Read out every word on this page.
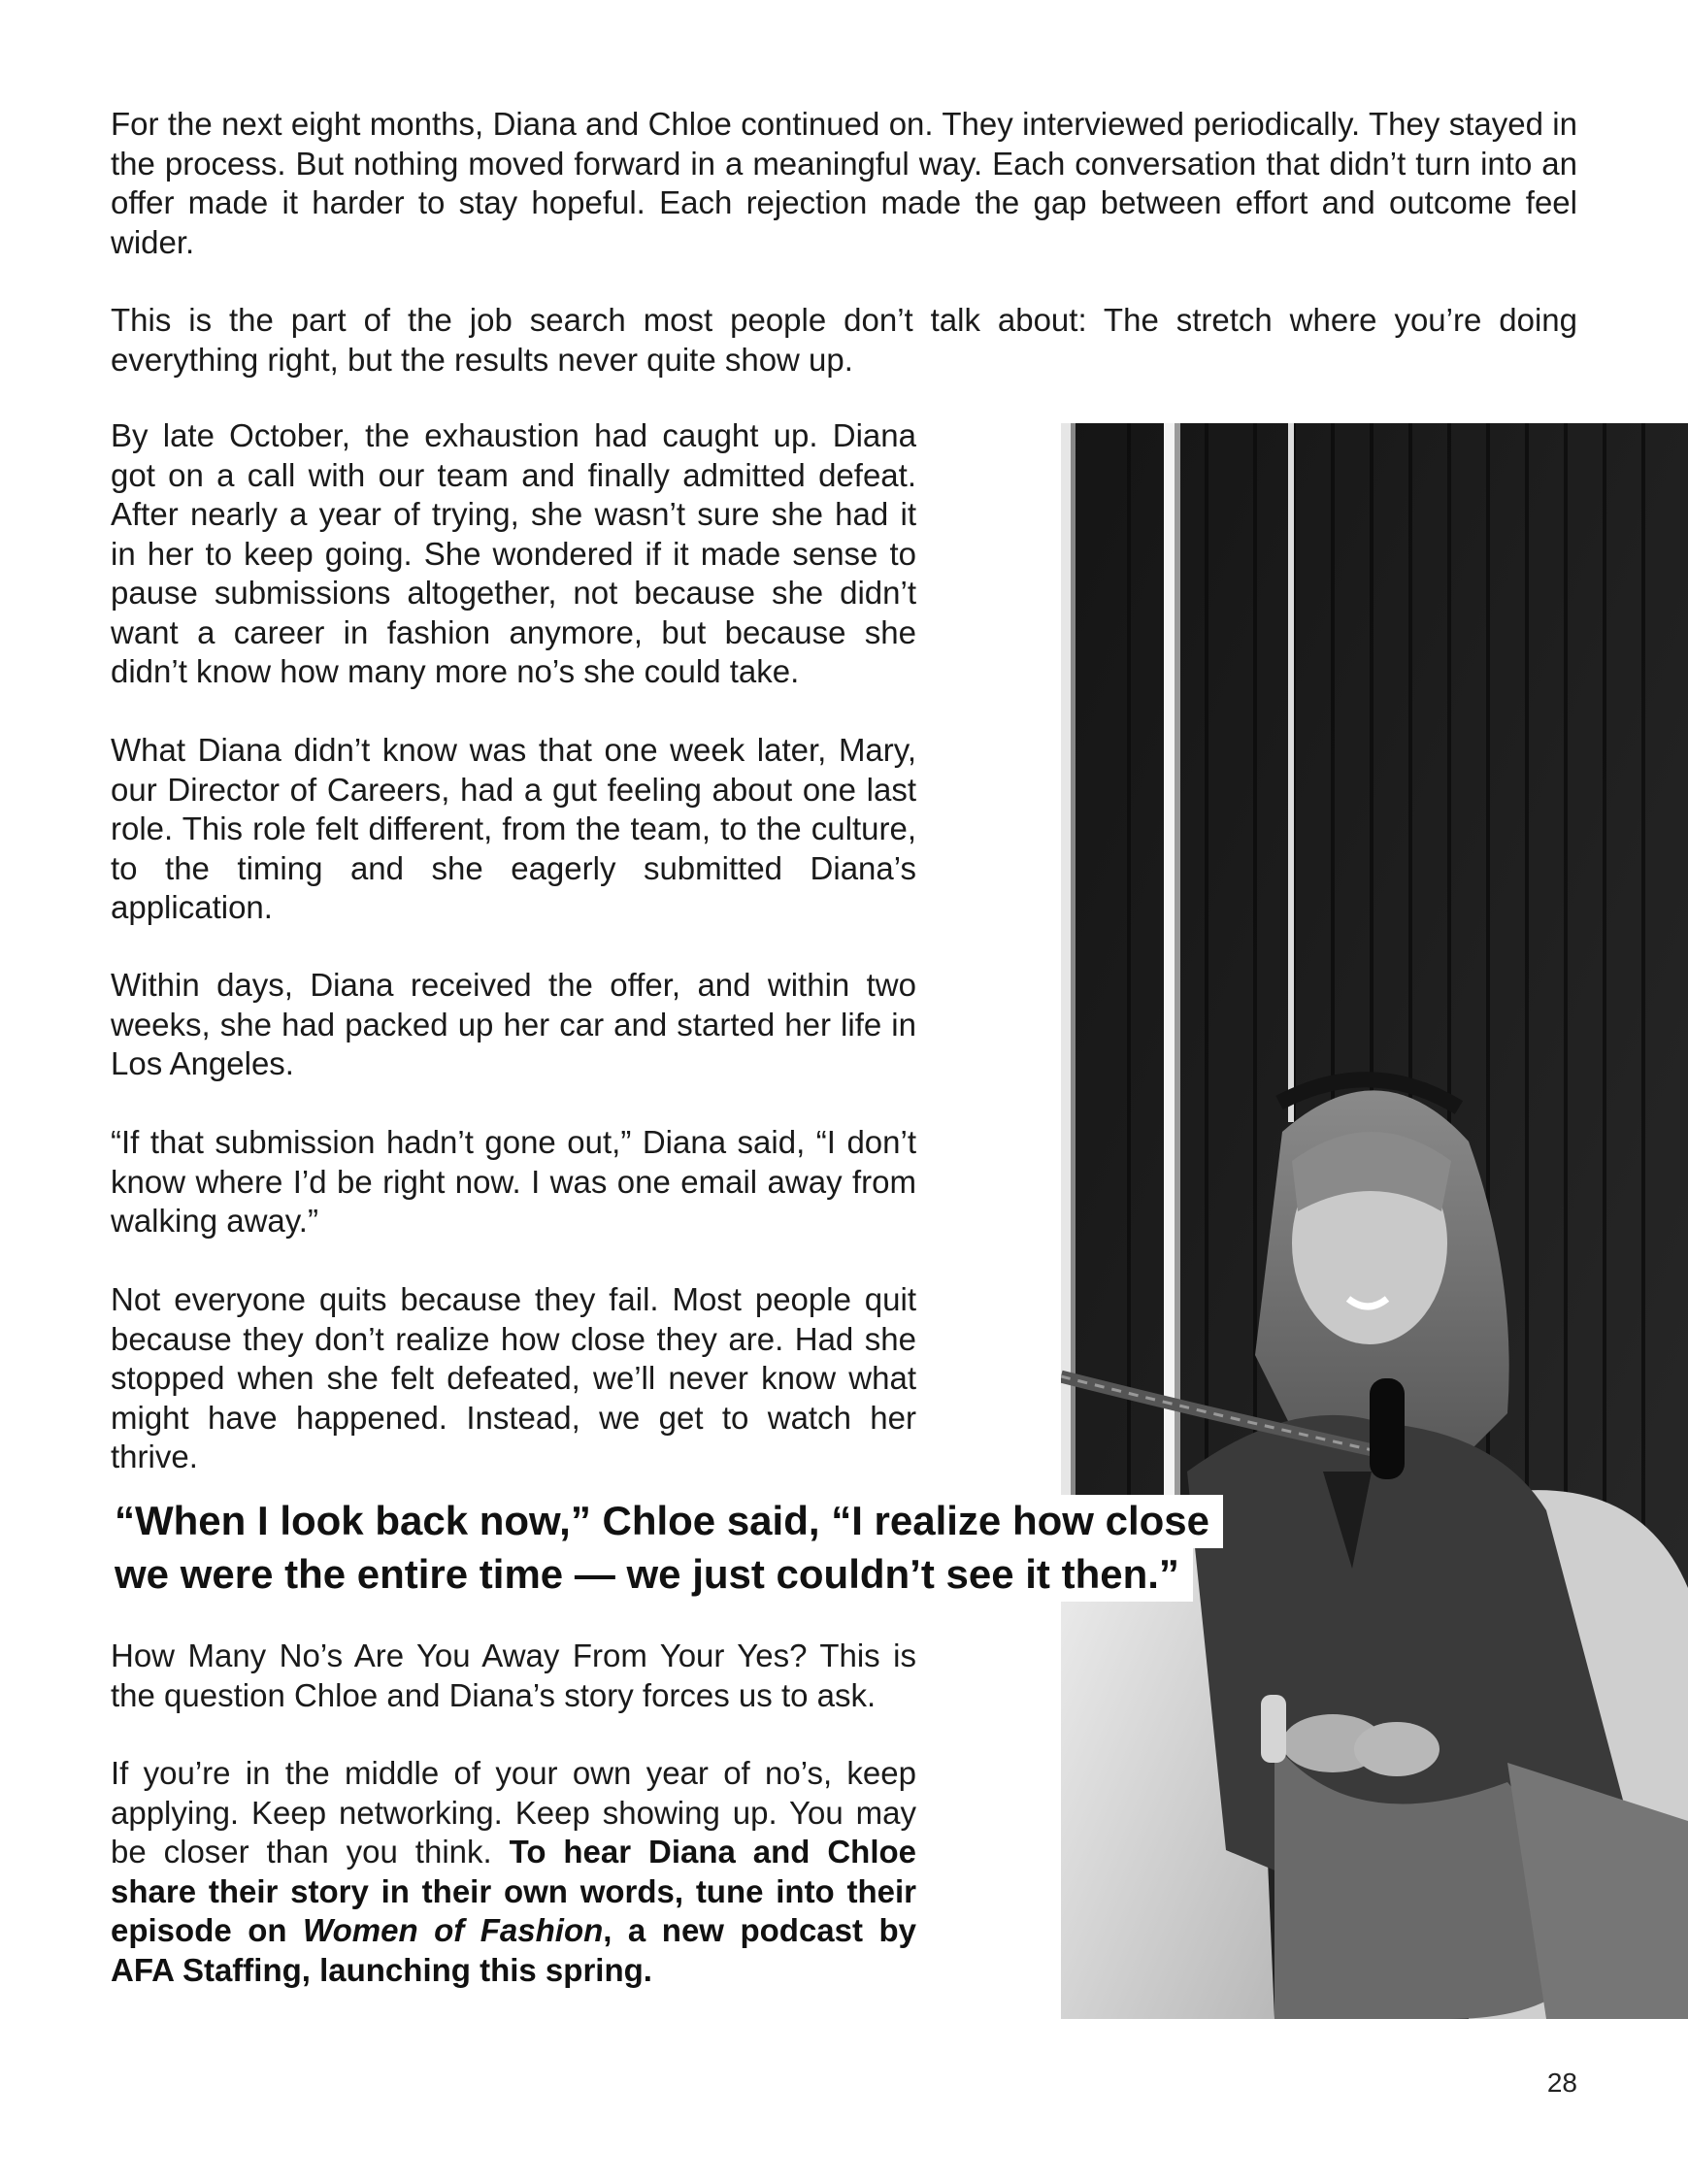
For the next eight months, Diana and Chloe continued on. They interviewed periodically. They stayed in the process. But nothing moved forward in a meaningful way. Each conversation that didn’t turn into an offer made it harder to stay hopeful. Each rejection made the gap between effort and outcome feel wider.

This is the part of the job search most people don’t talk about: The stretch where you’re doing everything right, but the results never quite show up.

By late October, the exhaustion had caught up. Diana got on a call with our team and finally admitted defeat. After nearly a year of trying, she wasn’t sure she had it in her to keep going. She wondered if it made sense to pause submissions altogether, not because she didn’t want a career in fashion anymore, but because she didn’t know how many more no’s she could take.

What Diana didn’t know was that one week later, Mary, our Director of Careers, had a gut feeling about one last role. This role felt different, from the team, to the culture, to the timing and she eagerly submitted Diana’s application.

Within days, Diana received the offer, and within two weeks, she had packed up her car and started her life in Los Angeles.

“If that submission hadn’t gone out,” Diana said, “I don’t know where I’d be right now. I was one email away from walking away.”

Not everyone quits because they fail. Most people quit because they don’t realize how close they are. Had she stopped when she felt defeated, we’ll never know what might have happened. Instead, we get to watch her thrive.

“When I look back now,” Chloe said, “I realize how close
we were the entire time — we just couldn’t see it then.”

How Many No’s Are You Away From Your Yes? This is the question Chloe and Diana’s story forces us to ask.

If you’re in the middle of your own year of no’s, keep applying. Keep networking. Keep showing up. You may be closer than you think. To hear Diana and Chloe share their story in their own words, tune into their episode on Women of Fashion, a new podcast by AFA Staffing, launching this spring.

28
